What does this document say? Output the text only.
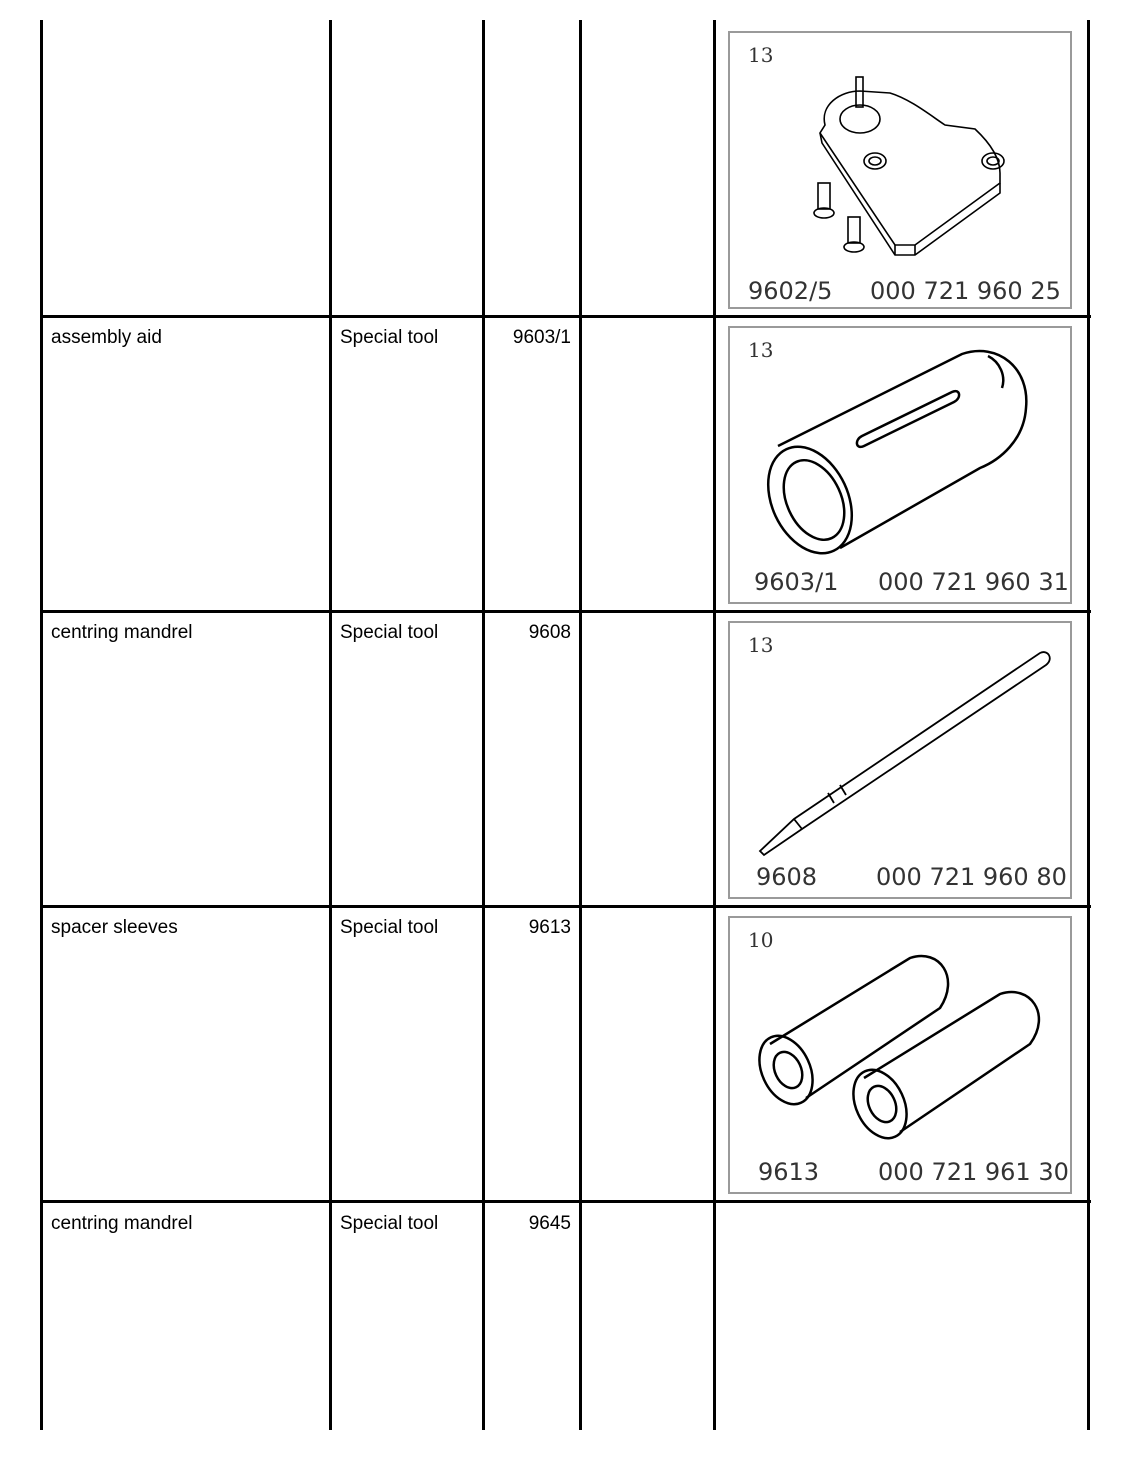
13
9602/5 000 721 960 25
assembly aid	Special tool	9603/1
13
9603/1 000 721 960 31
centring mandrel	Special tool	9608
13
9608 000 721 960 80
spacer sleeves	Special tool	9613
10
9613 000 721 961 30
centring mandrel	Special tool	9645
